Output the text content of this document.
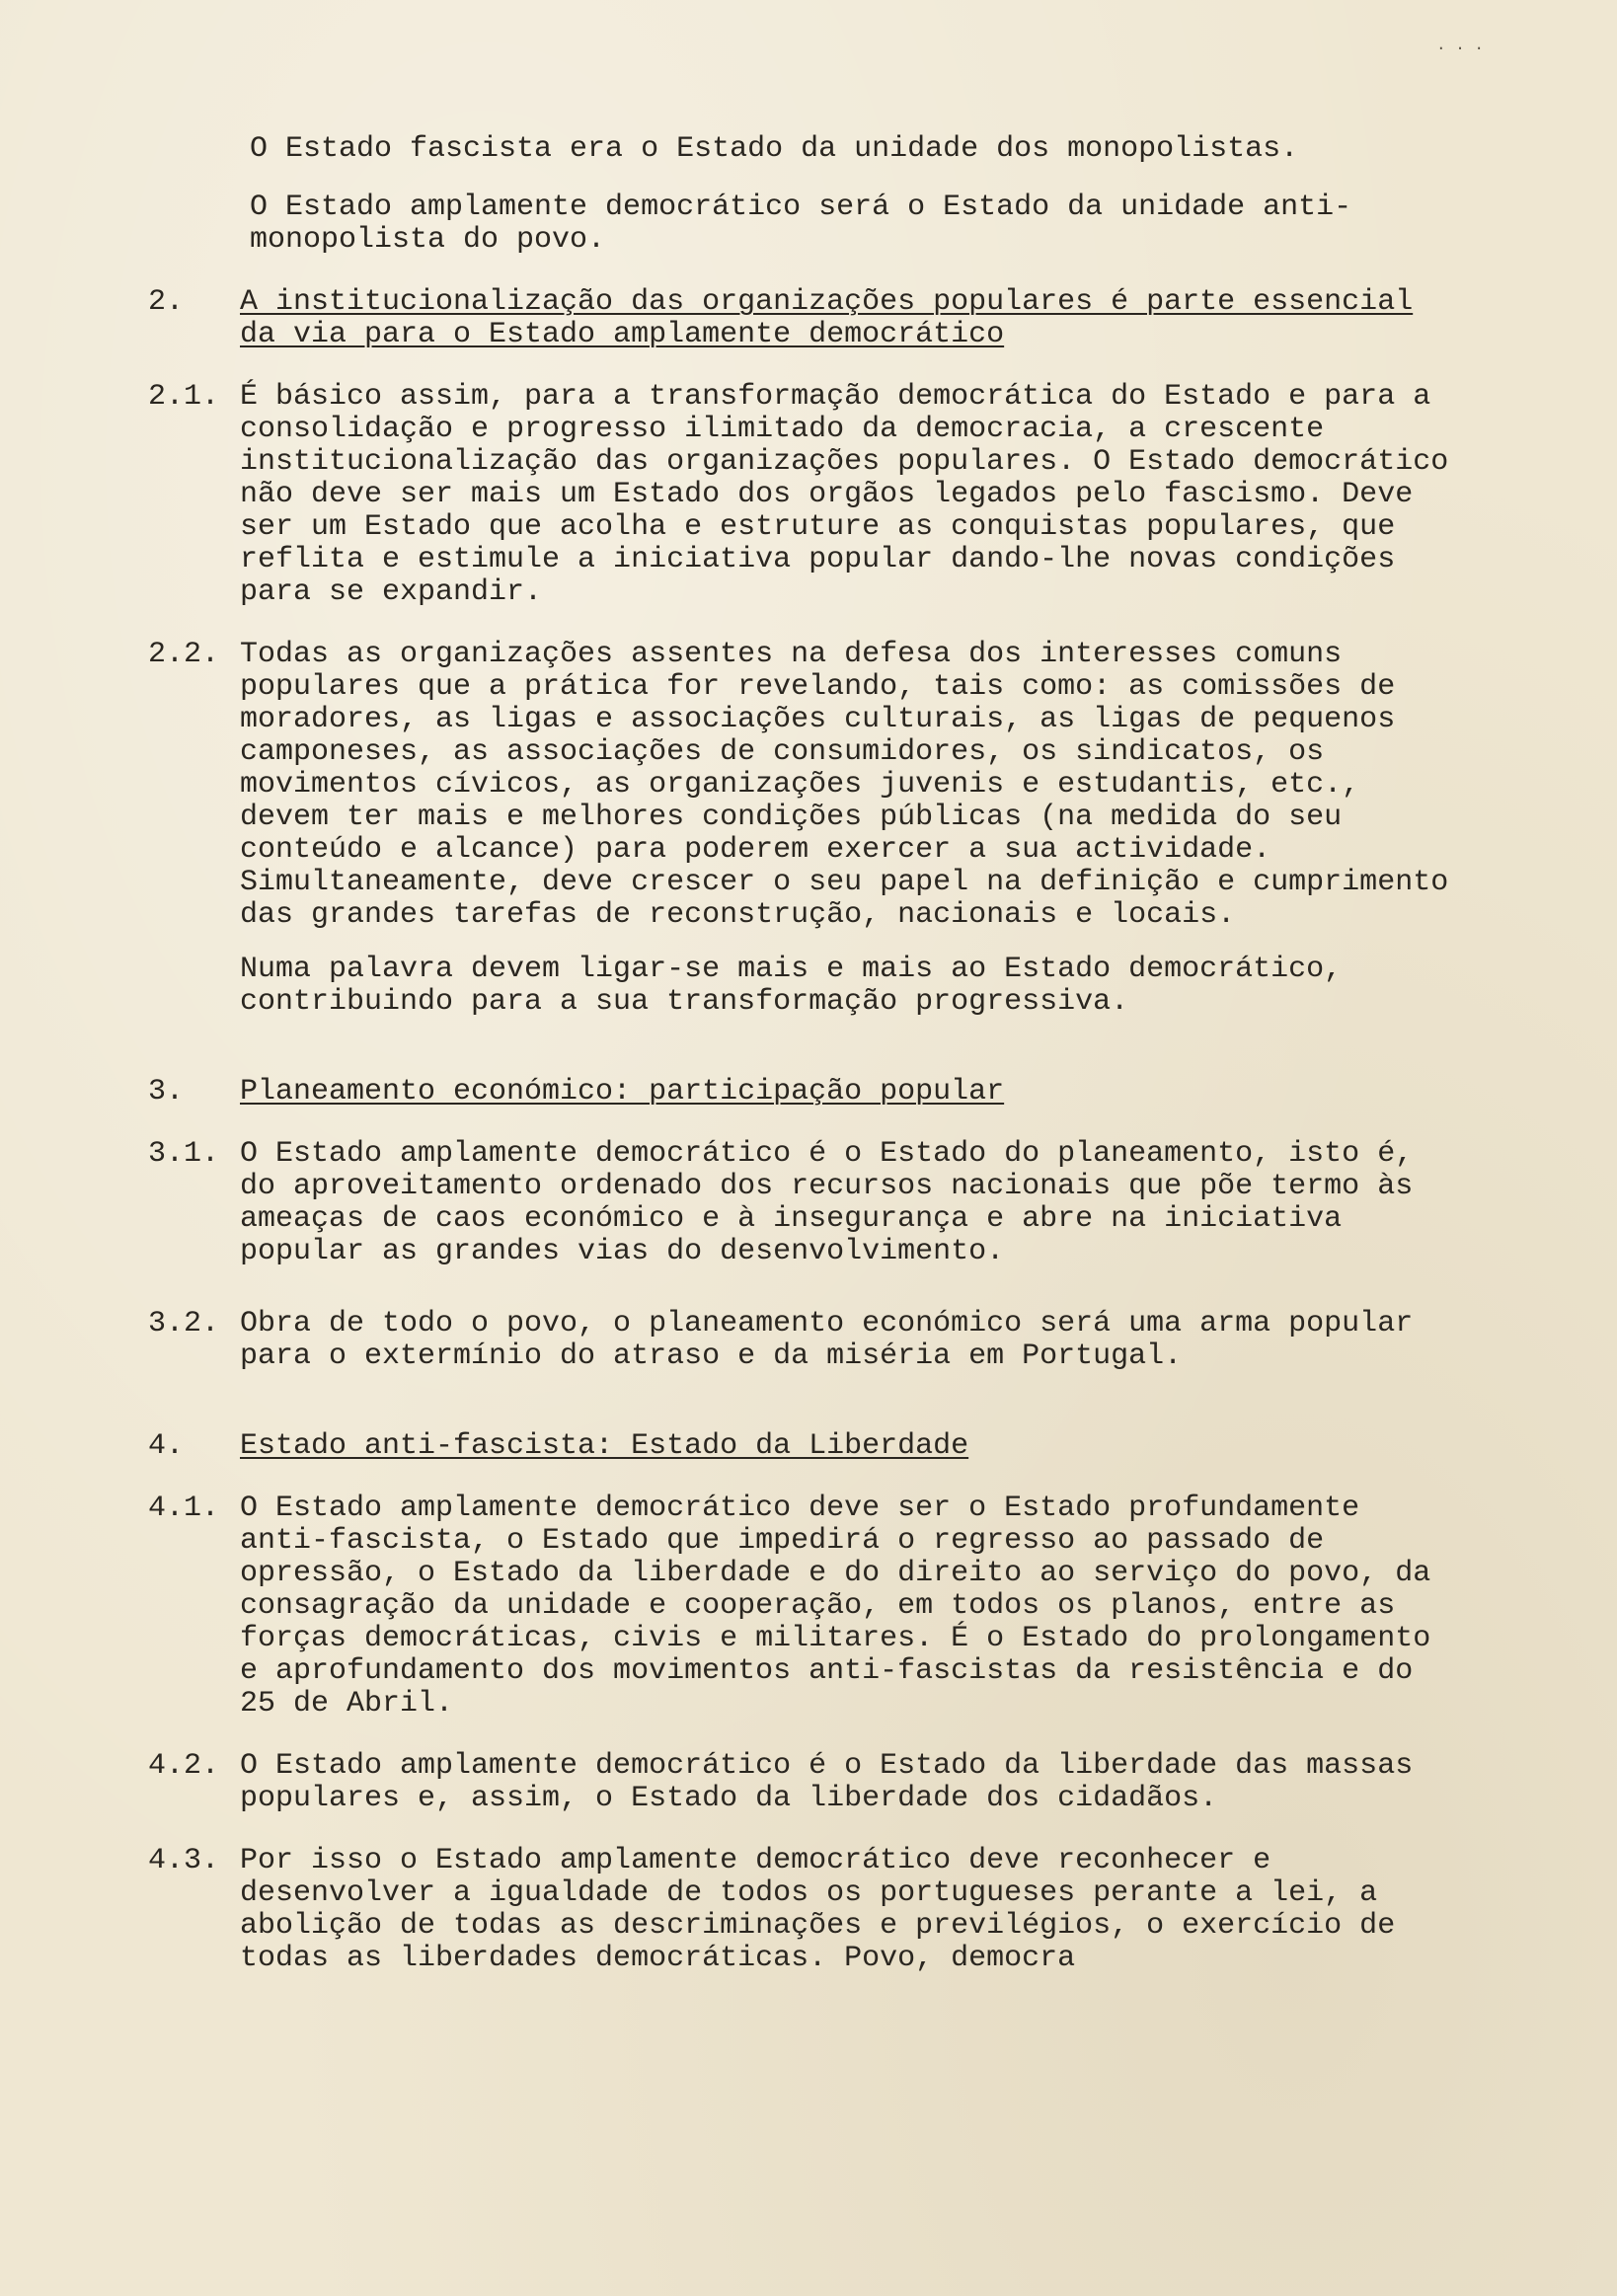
· · ·

O Estado fascista era o Estado da unidade dos monopolistas.

O Estado amplamente democrático será o Estado da unidade anti-monopolista do povo.

2.	A institucionalização das organizações populares é parte essencial da via para o Estado amplamente democrático

2.1. É básico assim, para a transformação democrática do Estado e para a consolidação e progresso ilimitado da democracia, a crescente institucionalização das organizações populares. O Estado democrático não deve ser mais um Estado dos orgãos legados pelo fascismo. Deve ser um Estado que acolha e estruture as conquistas populares, que reflita e estimule a iniciativa popular dando-lhe novas condições para se expandir.

2.2. Todas as organizações assentes na defesa dos interesses comuns populares que a prática for revelando, tais como: as comissões de moradores, as ligas e associações culturais, as ligas de pequenos camponeses, as associações de consumidores, os sindicatos, os movimentos cívicos, as organizações juvenis e estudantis, etc., devem ter mais e melhores condições públicas (na medida do seu conteúdo e alcance) para poderem exercer a sua actividade. Simultaneamente, deve crescer o seu papel na definição e cumprimento das grandes tarefas de reconstrução, nacionais e locais.

Numa palavra devem ligar-se mais e mais ao Estado democrático, contribuindo para a sua transformação progressiva.

3.	Planeamento económico: participação popular

3.1. O Estado amplamente democrático é o Estado do planeamento, isto é, do aproveitamento ordenado dos recursos nacionais que põe termo às ameaças de caos económico e à insegurança e abre na iniciativa popular as grandes vias do desenvolvimento.

3.2. Obra de todo o povo, o planeamento económico será uma arma popular para o extermínio do atraso e da miséria em Portugal.

4.	Estado anti-fascista: Estado da Liberdade

4.1. O Estado amplamente democrático deve ser o Estado profundamente anti-fascista, o Estado que impedirá o regresso ao passado de opressão, o Estado da liberdade e do direito ao serviço do povo, da consagração da unidade e cooperação, em todos os planos, entre as forças democráticas, civis e militares. É o Estado do prolongamento e aprofundamento dos movimentos anti-fascistas da resistência e do 25 de Abril.

4.2. O Estado amplamente democrático é o Estado da liberdade das massas populares e, assim, o Estado da liberdade dos cidadãos.

4.3. Por isso o Estado amplamente democrático deve reconhecer e desenvolver a igualdade de todos os portugueses perante a lei, a abolição de todas as descriminações e previlégios, o exercício de todas as liberdades democráticas. Povo, democra
